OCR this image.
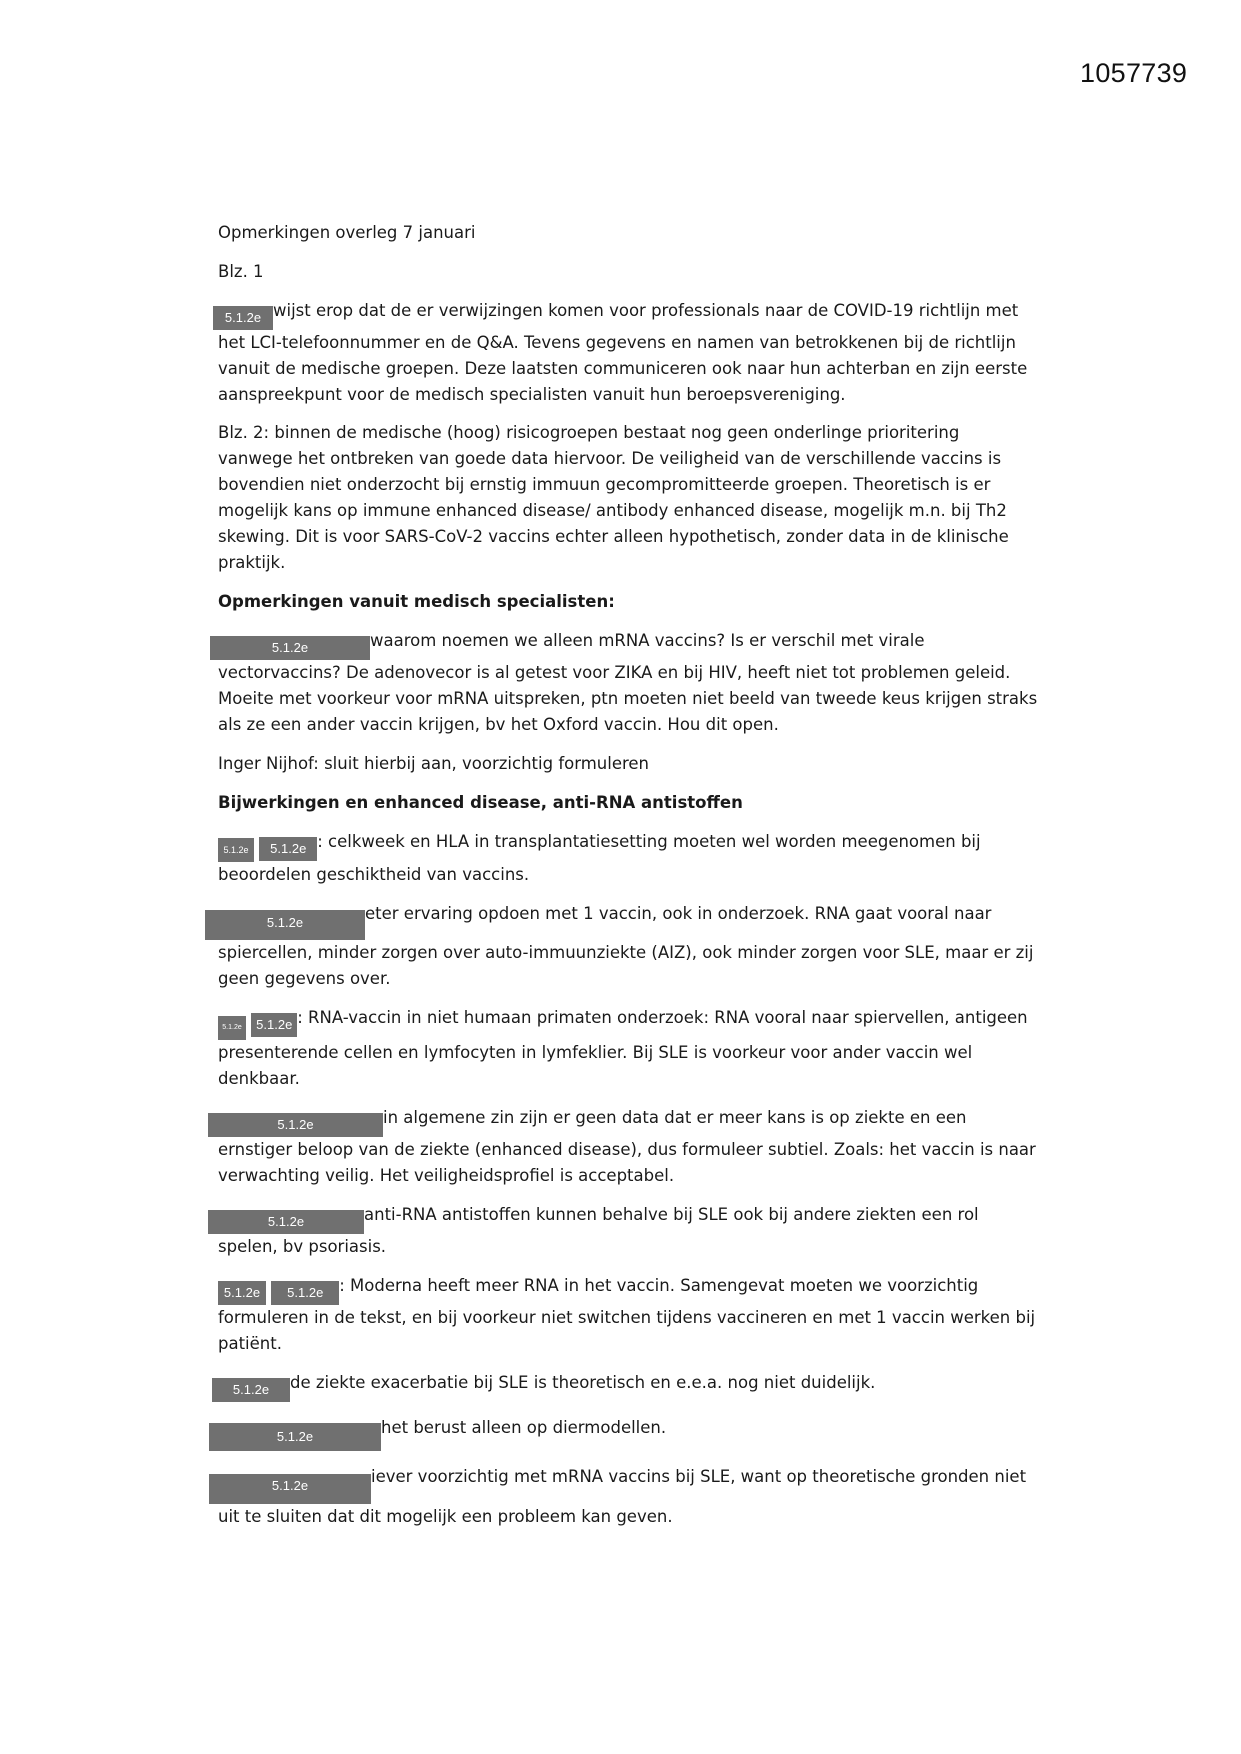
1057739

Opmerkingen overleg 7 januari

Blz. 1

5.1.2e wijst erop dat de er verwijzingen komen voor professionals naar de COVID-19 richtlijn met het LCI-telefoonnummer en de Q&A. Tevens gegevens en namen van betrokkenen bij de richtlijn vanuit de medische groepen. Deze laatsten communiceren ook naar hun achterban en zijn eerste aanspreekpunt voor de medisch specialisten vanuit hun beroepsvereniging.

Blz. 2: binnen de medische (hoog) risicogroepen bestaat nog geen onderlinge prioritering vanwege het ontbreken van goede data hiervoor. De veiligheid van de verschillende vaccins is bovendien niet onderzocht bij ernstig immuun gecompromitteerde groepen. Theoretisch is er mogelijk kans op immune enhanced disease/ antibody enhanced disease, mogelijk m.n. bij Th2 skewing. Dit is voor SARS-CoV-2 vaccins echter alleen hypothetisch, zonder data in de klinische praktijk.

Opmerkingen vanuit medisch specialisten:

5.1.2e	waarom noemen we alleen mRNA vaccins? Is er verschil met virale vectorvaccins? De adenovecor is al getest voor ZIKA en bij HIV, heeft niet tot problemen geleid. Moeite met voorkeur voor mRNA uitspreken, ptn moeten niet beeld van tweede keus krijgen straks als ze een ander vaccin krijgen, bv het Oxford vaccin. Hou dit open.

Inger Nijhof: sluit hierbij aan, voorzichtig formuleren

Bijwerkingen en enhanced disease, anti-RNA antistoffen

5.1.2e 5.1.2e : celkweek en HLA in transplantatiesetting moeten wel worden meegenomen bij beoordelen geschiktheid van vaccins.

5.1.2e	eter ervaring opdoen met 1 vaccin, ook in onderzoek. RNA gaat vooral naar spiercellen, minder zorgen over auto-immuunziekte (AIZ), ook minder zorgen voor SLE, maar er zij geen gegevens over.

5.1.2e 5.1.2e : RNA-vaccin in niet humaan primaten onderzoek: RNA vooral naar spiervellen, antigeen presenterende cellen en lymfocyten in lymfeklier. Bij SLE is voorkeur voor ander vaccin wel denkbaar.

5.1.2e	in algemene zin zijn er geen data dat er meer kans is op ziekte en een ernstiger beloop van de ziekte (enhanced disease), dus formuleer subtiel. Zoals: het vaccin is naar verwachting veilig. Het veiligheidsprofiel is acceptabel.

5.1.2e	anti-RNA antistoffen kunnen behalve bij SLE ook bij andere ziekten een rol spelen, bv psoriasis.

5.1.2e 5.1.2e : Moderna heeft meer RNA in het vaccin. Samengevat moeten we voorzichtig formuleren in de tekst, en bij voorkeur niet switchen tijdens vaccineren en met 1 vaccin werken bij patiënt.

5.1.2e de ziekte exacerbatie bij SLE is theoretisch en e.e.a. nog niet duidelijk.

5.1.2e	het berust alleen op diermodellen.

5.1.2e	iever voorzichtig met mRNA vaccins bij SLE, want op theoretische gronden niet uit te sluiten dat dit mogelijk een probleem kan geven.
